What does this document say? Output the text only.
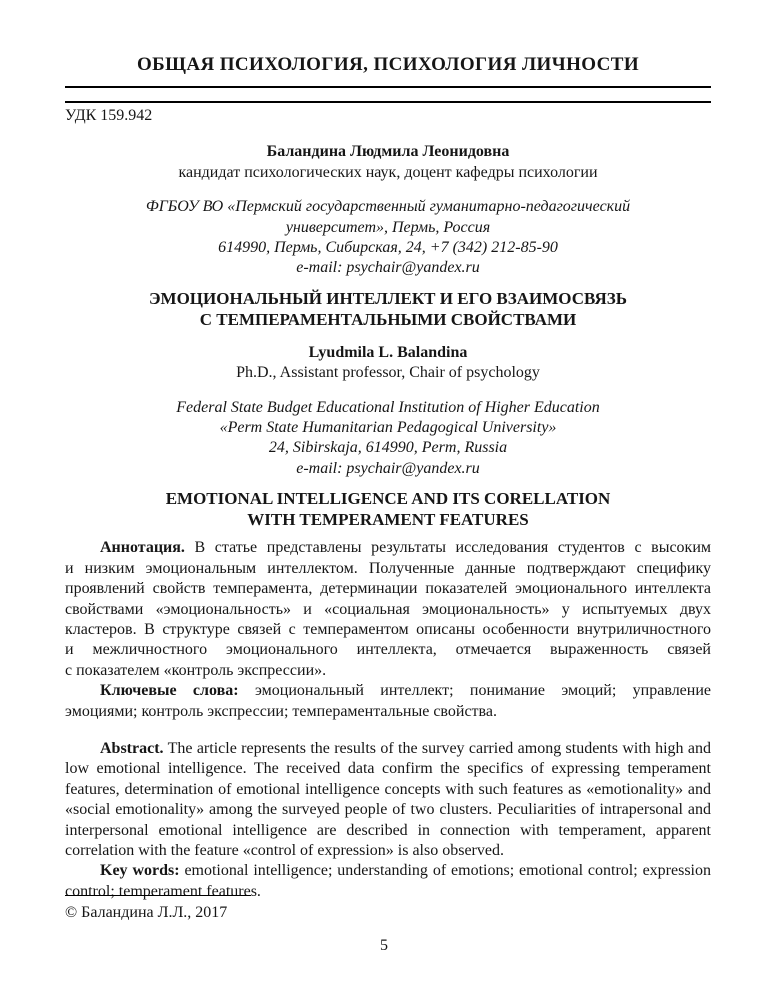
ОБЩАЯ ПСИХОЛОГИЯ, ПСИХОЛОГИЯ ЛИЧНОСТИ
УДК 159.942
Баландина Людмила Леонидовна
кандидат психологических наук, доцент кафедры психологии
ФГБОУ ВО «Пермский государственный гуманитарно-педагогический
университет», Пермь, Россия
614990, Пермь, Сибирская, 24, +7 (342) 212-85-90
e-mail: psychair@yandex.ru
ЭМОЦИОНАЛЬНЫЙ ИНТЕЛЛЕКТ И ЕГО ВЗАИМОСВЯЗЬ
С ТЕМПЕРАМЕНТАЛЬНЫМИ СВОЙСТВАМИ
Lyudmila L. Balandina
Ph.D., Assistant professor, Chair of psychology
Federal State Budget Educational Institution of Higher Education
«Perm State Humanitarian Pedagogical University»
24, Sibirskaja, 614990, Perm, Russia
e-mail: psychair@yandex.ru
EMOTIONAL INTELLIGENCE AND ITS CORELLATION
WITH TEMPERAMENT FEATURES

Аннотация. В статье представлены результаты исследования студентов с высоким и низким эмоциональным интеллектом. Полученные данные подтверждают специфику проявлений свойств темперамента, детерминации показателей эмоционального интеллекта свойствами «эмоциональность» и «социальная эмоциональность» у испытуемых двух кластеров. В структуре связей с темпераментом описаны особенности внутриличностного и межличностного эмоционального интеллекта, отмечается выраженность связей с показателем «контроль экспрессии».

Ключевые слова: эмоциональный интеллект; понимание эмоций; управление эмоциями; контроль экспрессии; темпераментальные свойства.

Abstract. The article represents the results of the survey carried among students with high and low emotional intelligence. The received data confirm the specifics of expressing temperament features, determination of emotional intelligence concepts with such features as «emotionality» and «social emotionality» among the surveyed people of two clusters. Peculiarities of intrapersonal and interpersonal emotional intelligence are described in connection with temperament, apparent correlation with the feature «control of expression» is also observed.

Key words: emotional intelligence; understanding of emotions; emotional control; expression control; temperament features.

© Баландина Л.Л., 2017
5
